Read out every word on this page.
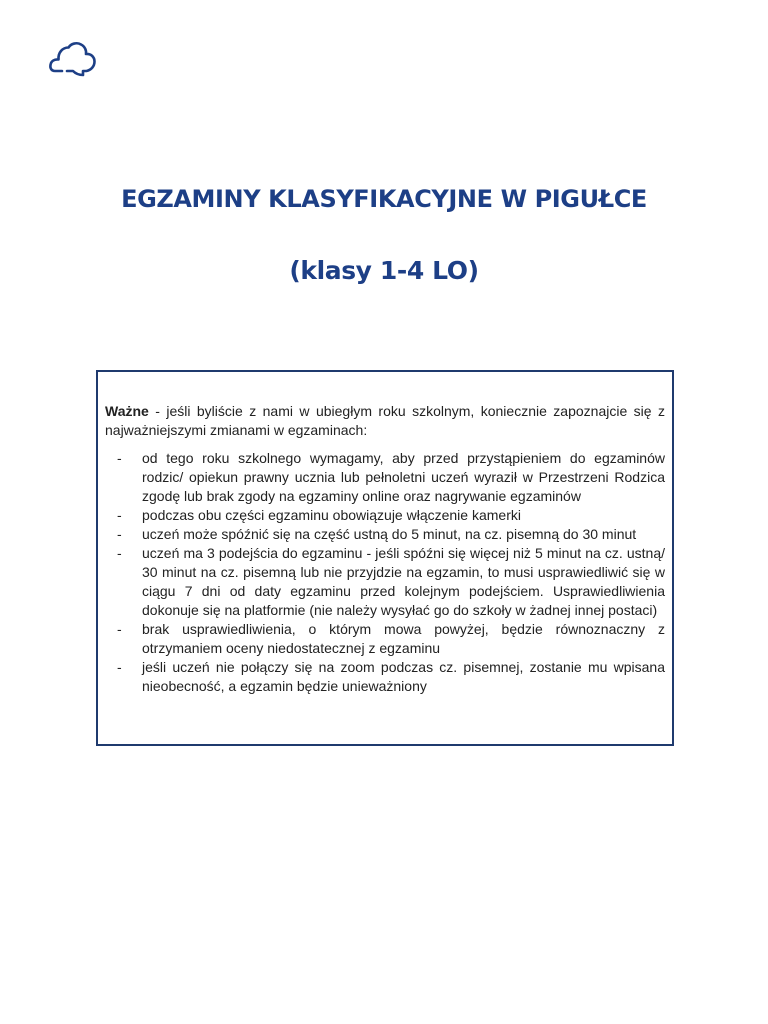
EGZAMINY KLASYFIKACYJNE W PIGUŁCE
(klasy 1-4 LO)

Ważne - jeśli byliście z nami w ubiegłym roku szkolnym, koniecznie zapoznajcie się z najważniejszymi zmianami w egzaminach:

- od tego roku szkolnego wymagamy, aby przed przystąpieniem do egzaminów rodzic/ opiekun prawny ucznia lub pełnoletni uczeń wyraził w Przestrzeni Rodzica zgodę lub brak zgody na egzaminy online oraz nagrywanie egzaminów
- podczas obu części egzaminu obowiązuje włączenie kamerki
- uczeń może spóźnić się na część ustną do 5 minut, na cz. pisemną do 30 minut
- uczeń ma 3 podejścia do egzaminu - jeśli spóźni się więcej niż 5 minut na cz. ustną/ 30 minut na cz. pisemną lub nie przyjdzie na egzamin, to musi usprawiedliwić się w ciągu 7 dni od daty egzaminu przed kolejnym podejściem. Usprawiedliwienia dokonuje się na platformie (nie należy wysyłać go do szkoły w żadnej innej postaci)
- brak usprawiedliwienia, o którym mowa powyżej, będzie równoznaczny z otrzymaniem oceny niedostatecznej z egzaminu
- jeśli uczeń nie połączy się na zoom podczas cz. pisemnej, zostanie mu wpisana nieobecność, a egzamin będzie unieważniony
